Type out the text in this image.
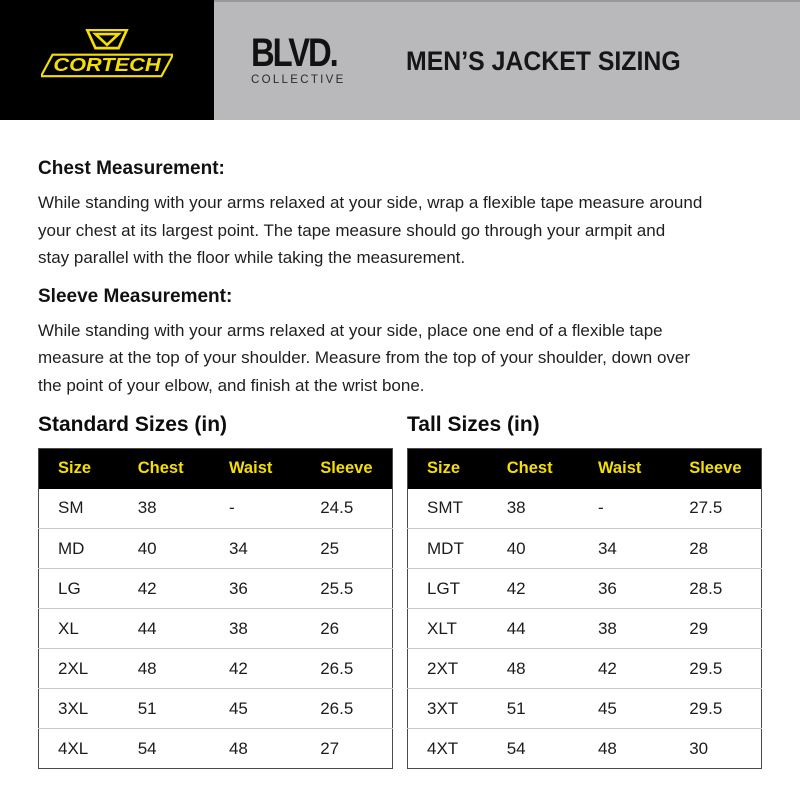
CORTECH BLVD.
COLLECTIVE
MEN’S JACKET SIZING
Chest Measurement:
While standing with your arms relaxed at your side, wrap a flexible tape measure around
your chest at its largest point. The tape measure should go through your armpit and
stay parallel with the floor while taking the measurement.
Sleeve Measurement:
While standing with your arms relaxed at your side, place one end of a flexible tape
measure at the top of your shoulder. Measure from the top of your shoulder, down over
the point of your elbow, and finish at the wrist bone.
Standard Sizes (in)
Size	Chest	Waist	Sleeve
SM	38	-	24.5
MD	40	34	25
LG	42	36	25.5
XL	44	38	26
2XL	48	42	26.5
3XL	51	45	26.5
4XL	54	48	27
Tall Sizes (in)
Size	Chest	Waist	Sleeve
SMT	38	-	27.5
MDT	40	34	28
LGT	42	36	28.5
XLT	44	38	29
2XT	48	42	29.5
3XT	51	45	29.5
4XT	54	48	30
